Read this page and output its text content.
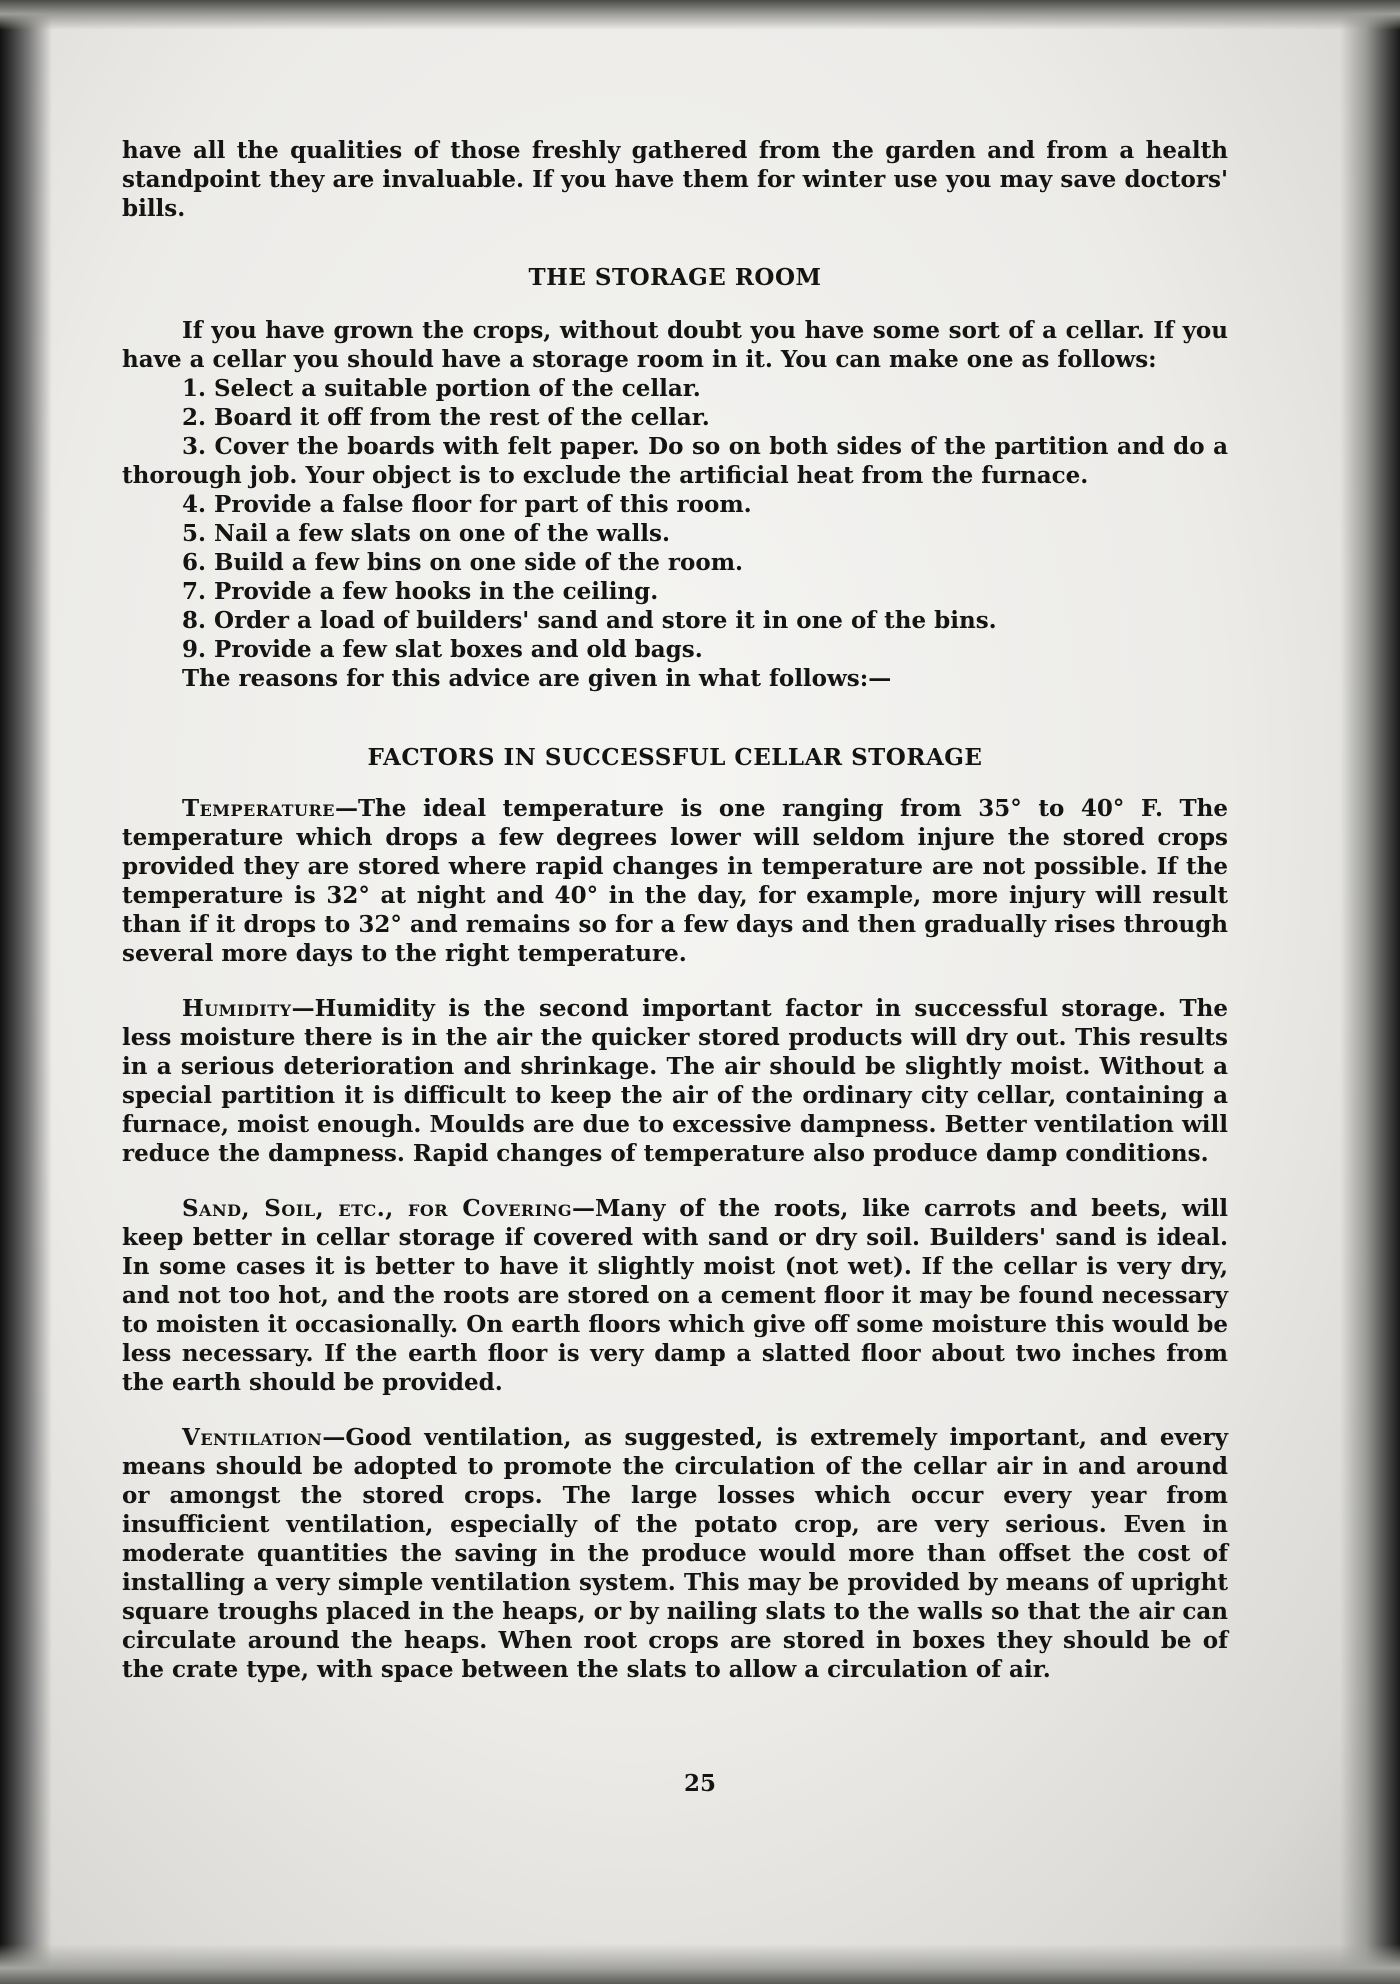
have all the qualities of those freshly gathered from the garden and from a health standpoint they are invaluable. If you have them for winter use you may save doctors' bills.

THE STORAGE ROOM

If you have grown the crops, without doubt you have some sort of a cellar. If you have a cellar you should have a storage room in it. You can make one as follows:

1. Select a suitable portion of the cellar.

2. Board it off from the rest of the cellar.

3. Cover the boards with felt paper. Do so on both sides of the partition and do a thorough job. Your object is to exclude the artificial heat from the furnace.

4. Provide a false floor for part of this room.

5. Nail a few slats on one of the walls.

6. Build a few bins on one side of the room.

7. Provide a few hooks in the ceiling.

8. Order a load of builders' sand and store it in one of the bins.

9. Provide a few slat boxes and old bags.

The reasons for this advice are given in what follows:—

FACTORS IN SUCCESSFUL CELLAR STORAGE

Temperature—The ideal temperature is one ranging from 35° to 40° F. The temperature which drops a few degrees lower will seldom injure the stored crops provided they are stored where rapid changes in temperature are not possible. If the temperature is 32° at night and 40° in the day, for example, more injury will result than if it drops to 32° and remains so for a few days and then gradually rises through several more days to the right temperature.

Humidity—Humidity is the second important factor in successful storage. The less moisture there is in the air the quicker stored products will dry out. This results in a serious deterioration and shrinkage. The air should be slightly moist. Without a special partition it is difficult to keep the air of the ordinary city cellar, containing a furnace, moist enough. Moulds are due to excessive dampness. Better ventilation will reduce the dampness. Rapid changes of temperature also produce damp conditions.

Sand, Soil, etc., for Covering—Many of the roots, like carrots and beets, will keep better in cellar storage if covered with sand or dry soil. Builders' sand is ideal. In some cases it is better to have it slightly moist (not wet). If the cellar is very dry, and not too hot, and the roots are stored on a cement floor it may be found necessary to moisten it occasionally. On earth floors which give off some moisture this would be less necessary. If the earth floor is very damp a slatted floor about two inches from the earth should be provided.

Ventilation—Good ventilation, as suggested, is extremely important, and every means should be adopted to promote the circulation of the cellar air in and around or amongst the stored crops. The large losses which occur every year from insufficient ventilation, especially of the potato crop, are very serious. Even in moderate quantities the saving in the produce would more than offset the cost of installing a very simple ventilation system. This may be provided by means of upright square troughs placed in the heaps, or by nailing slats to the walls so that the air can circulate around the heaps. When root crops are stored in boxes they should be of the crate type, with space between the slats to allow a circulation of air.

25
